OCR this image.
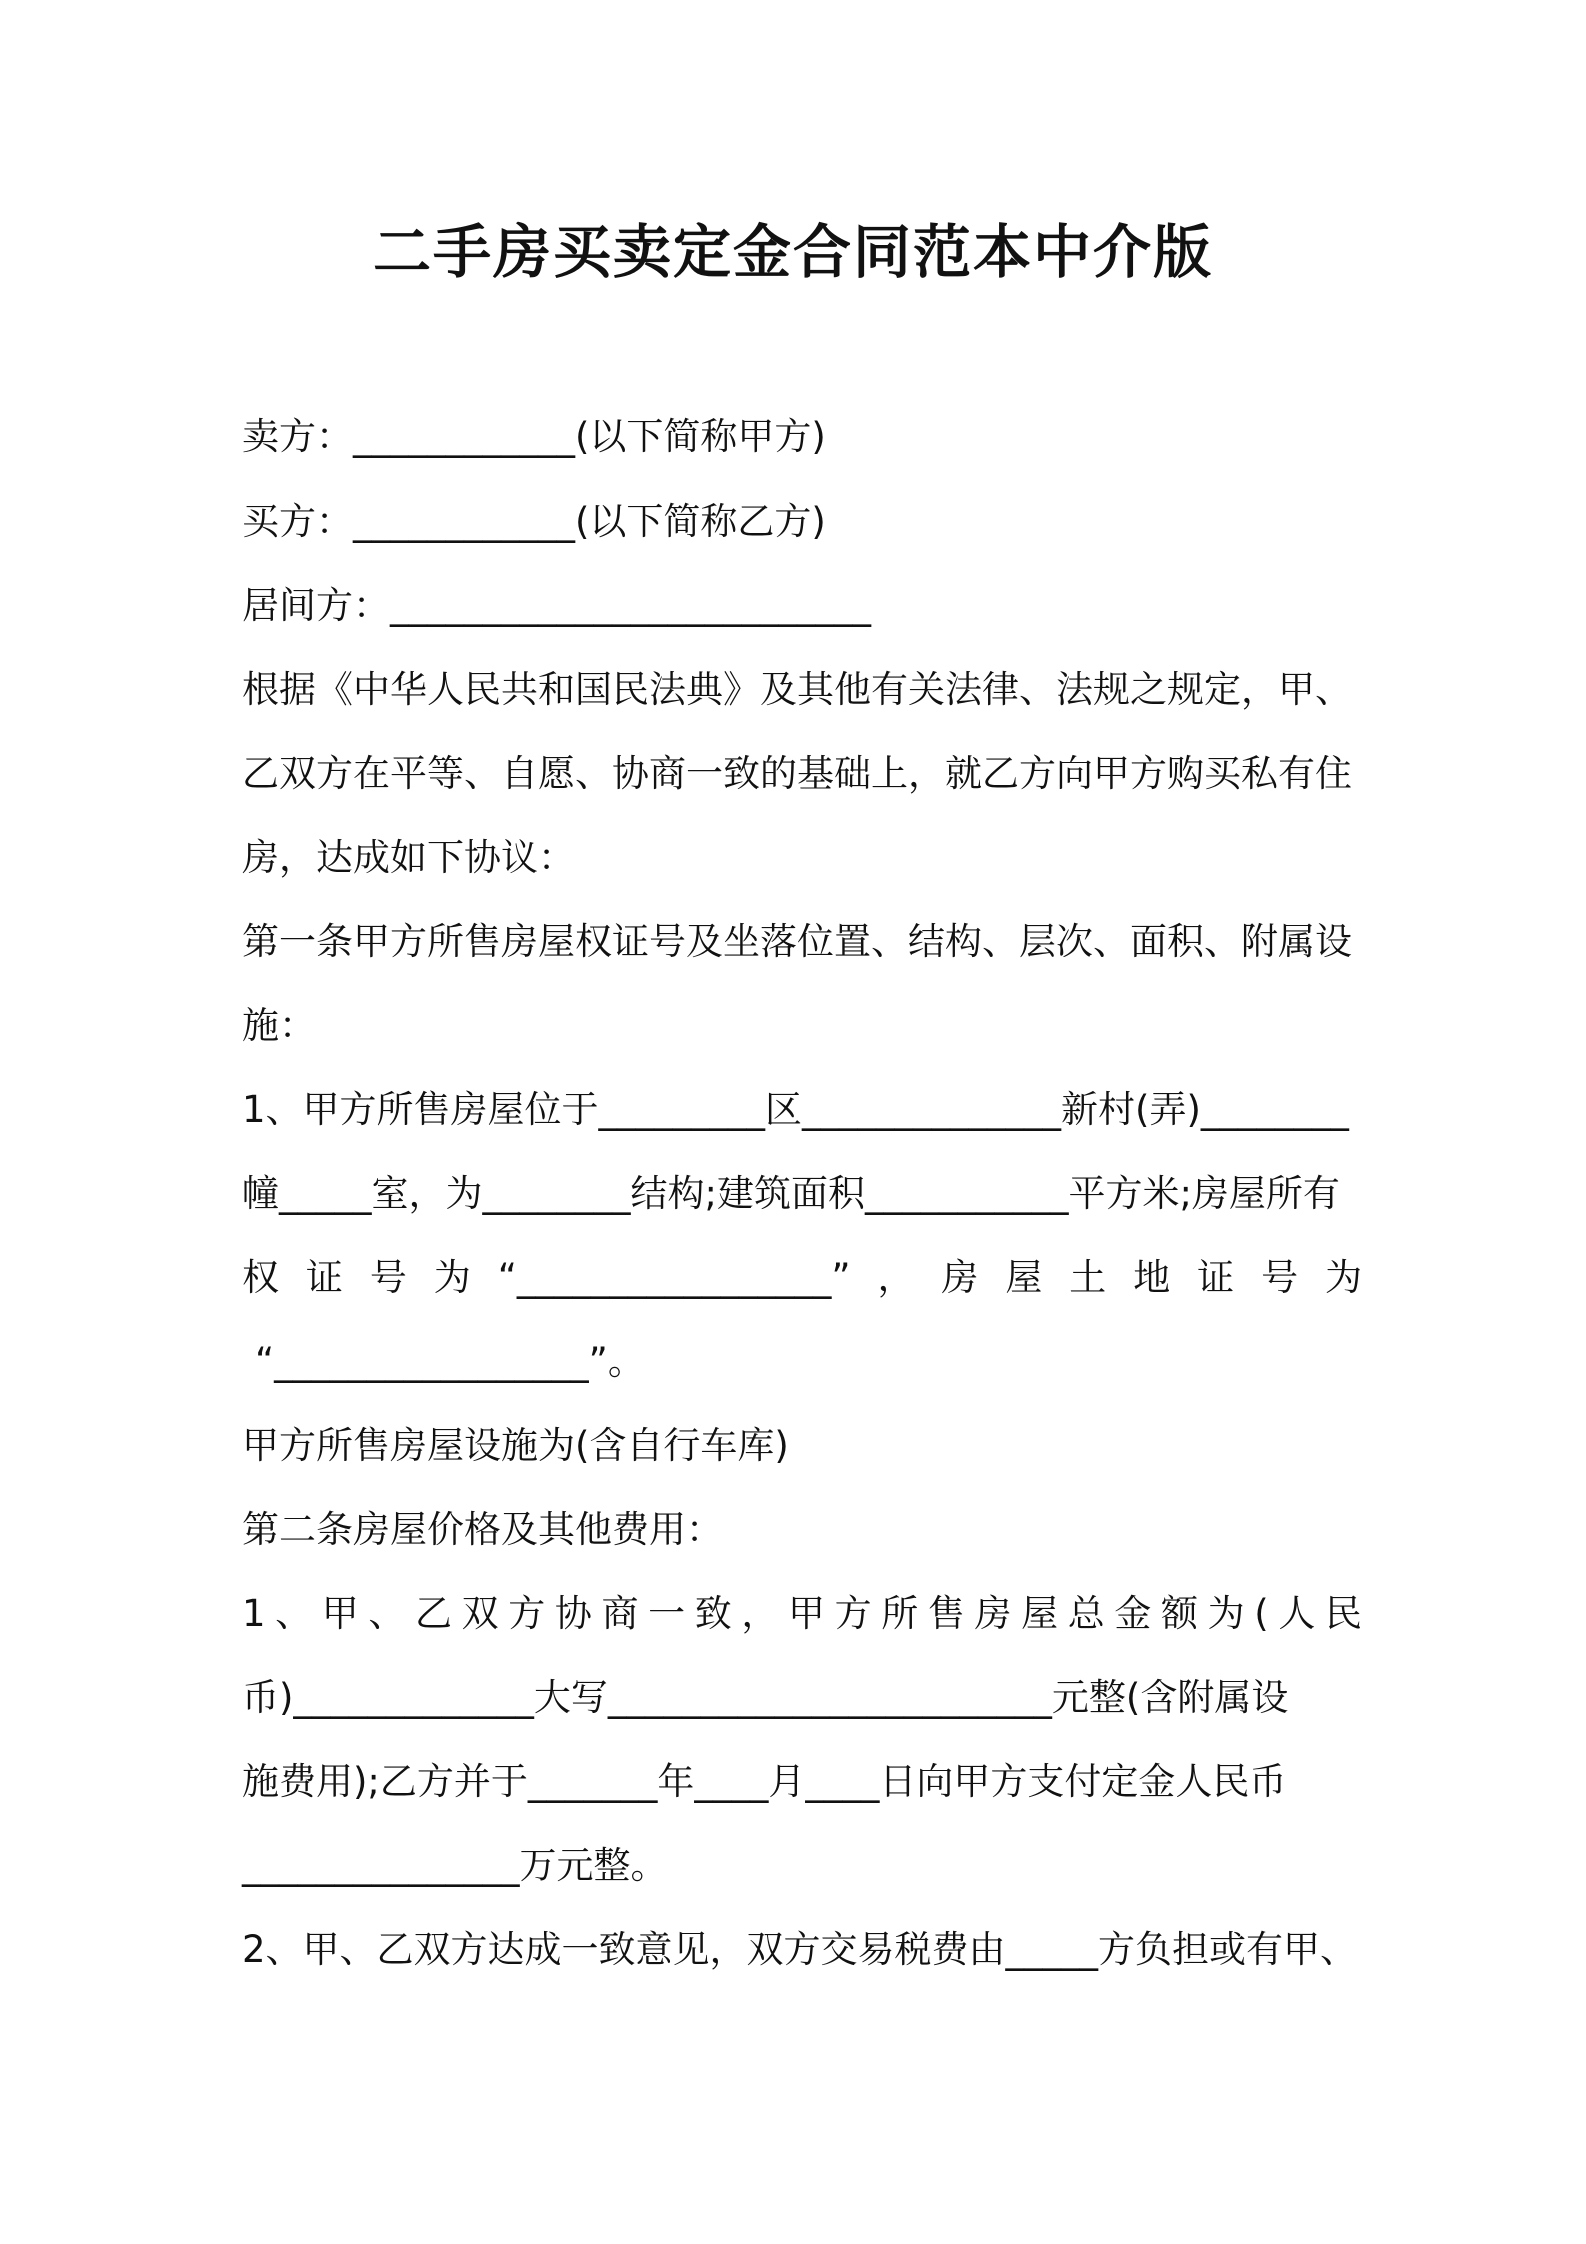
二手房买卖定金合同范本中介版
卖方：____________(以下简称甲方)
买方：____________(以下简称乙方)
居间方：__________________________
根据《中华人民共和国民法典》及其他有关法律、法规之规定，甲、
乙双方在平等、自愿、协商一致的基础上，就乙方向甲方购买私有住
房，达成如下协议：
第一条甲方所售房屋权证号及坐落位置、结构、层次、面积、附属设
施：
1、甲方所售房屋位于_________区______________新村(弄)________
幢_____室，为________结构;建筑面积___________平方米;房屋所有
权证号为“_________________”，房屋土地证号为
“_________________”。
甲方所售房屋设施为(含自行车库)
第二条房屋价格及其他费用：
1、甲、乙双方协商一致，甲方所售房屋总金额为(人民
币)_____________大写________________________元整(含附属设
施费用);乙方并于_______年____月____日向甲方支付定金人民币
_______________万元整。
2、甲、乙双方达成一致意见，双方交易税费由_____方负担或有甲、
